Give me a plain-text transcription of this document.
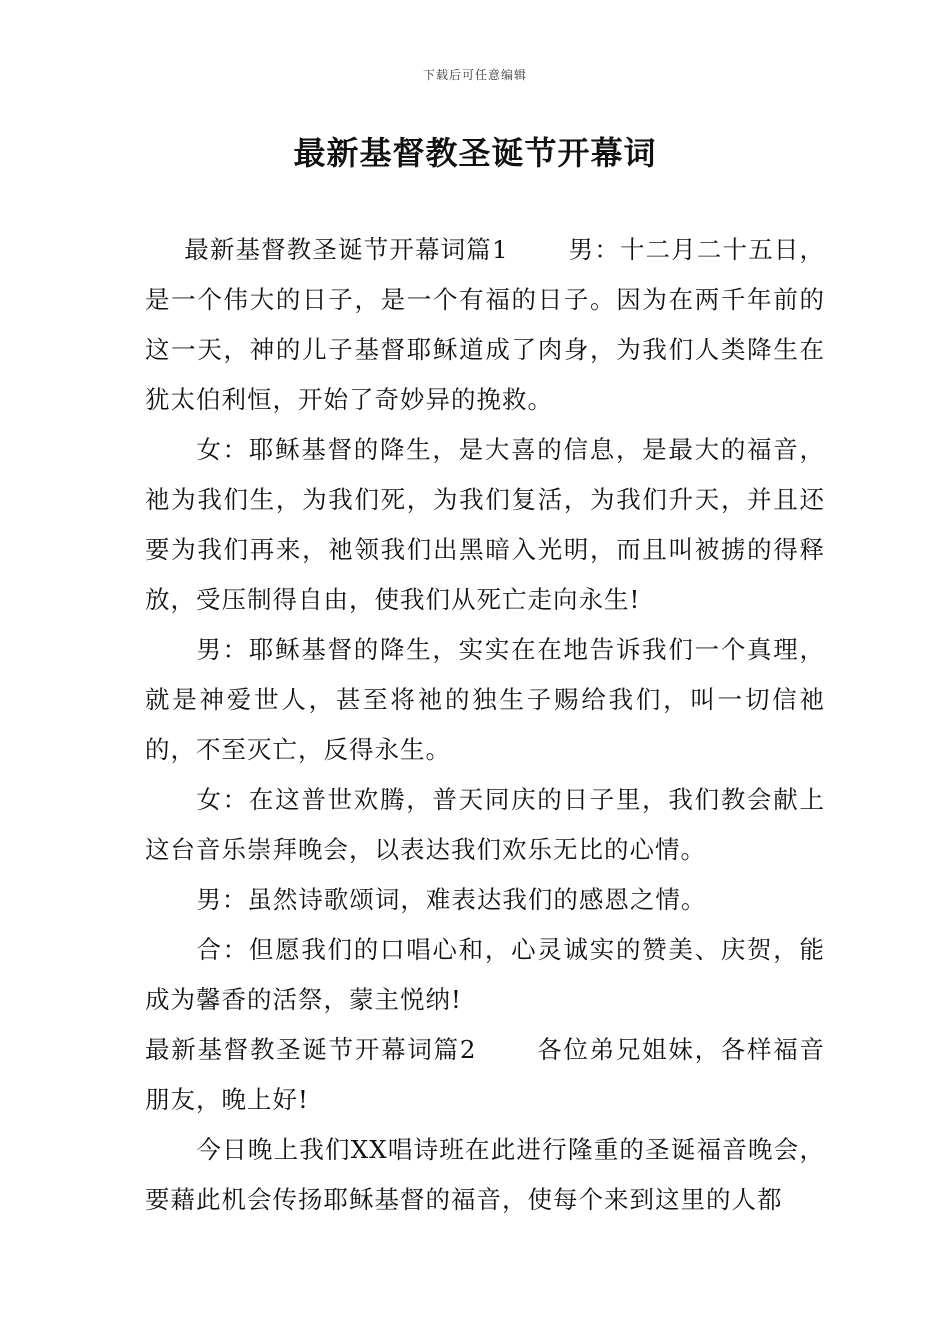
下载后可任意编辑
最新基督教圣诞节开幕词

最新基督教圣诞节开幕词篇1 男：十二月二十五日，是一个伟大的日子，是一个有福的日子。因为在两千年前的这一天，神的儿子基督耶稣道成了肉身，为我们人类降生在犹太伯利恒，开始了奇妙异的挽救。

女：耶稣基督的降生，是大喜的信息，是最大的福音，祂为我们生，为我们死，为我们复活，为我们升天，并且还要为我们再来，祂领我们出黑暗入光明，而且叫被掳的得释放，受压制得自由，使我们从死亡走向永生!

男：耶稣基督的降生，实实在在地告诉我们一个真理，就是神爱世人，甚至将祂的独生子赐给我们，叫一切信祂的，不至灭亡，反得永生。

女：在这普世欢腾，普天同庆的日子里，我们教会献上这台音乐崇拜晚会，以表达我们欢乐无比的心情。

男：虽然诗歌颂词，难表达我们的感恩之情。

合：但愿我们的口唱心和，心灵诚实的赞美、庆贺，能成为馨香的活祭，蒙主悦纳!

最新基督教圣诞节开幕词篇2 各位弟兄姐妹，各样福音朋友，晚上好!

今日晚上我们XX唱诗班在此进行隆重的圣诞福音晚会，要藉此机会传扬耶稣基督的福音，使每个来到这里的人都
